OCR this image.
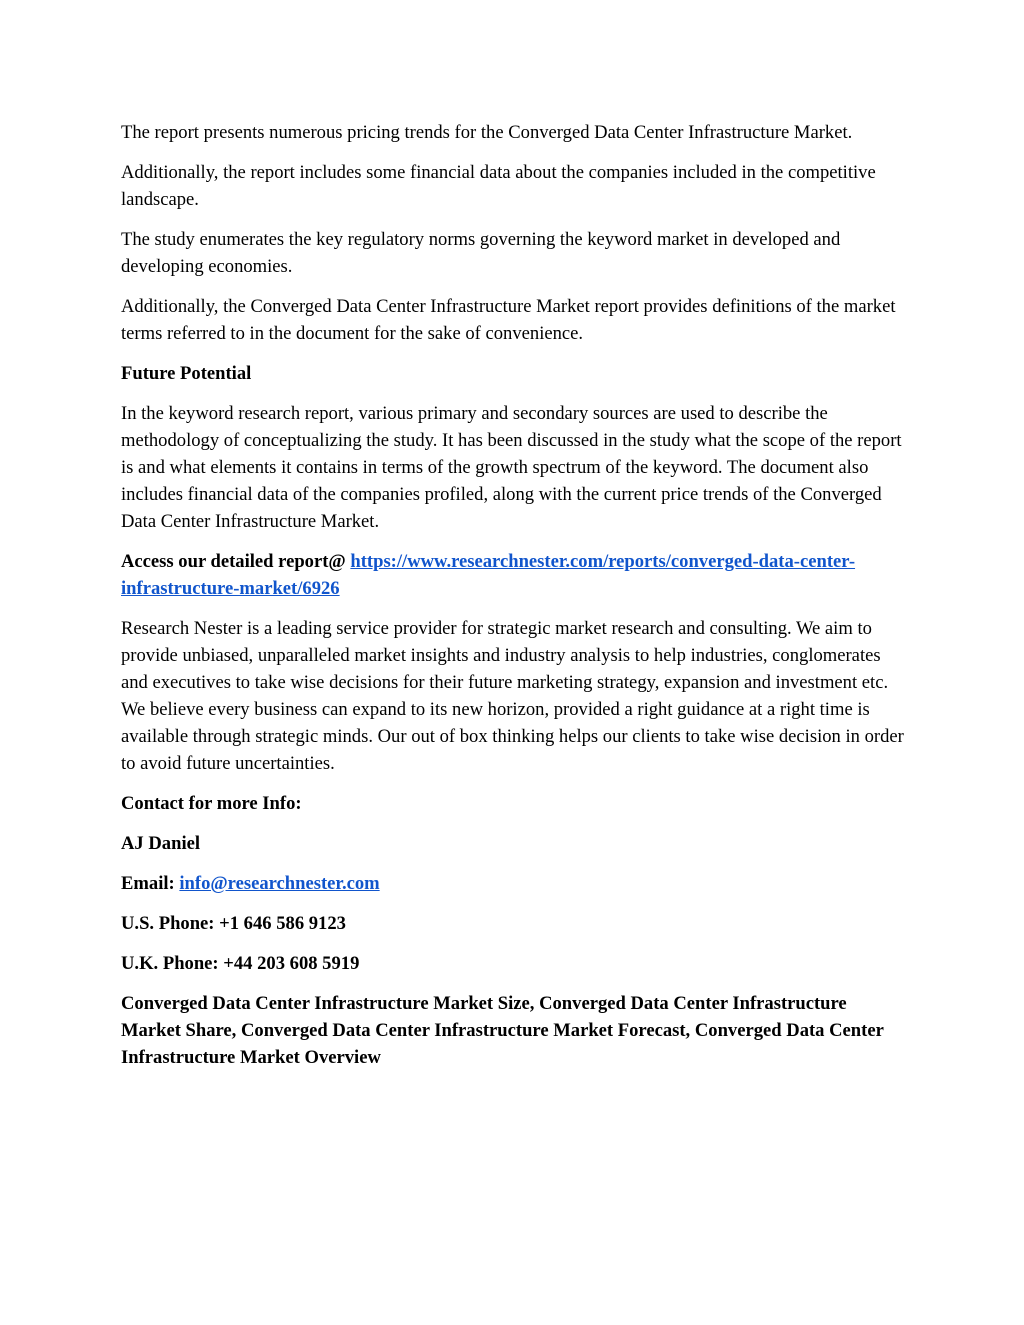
The report presents numerous pricing trends for the Converged Data Center Infrastructure Market.

Additionally, the report includes some financial data about the companies included in the competitive landscape.

The study enumerates the key regulatory norms governing the keyword market in developed and developing economies.

Additionally, the Converged Data Center Infrastructure Market report provides definitions of the market terms referred to in the document for the sake of convenience.

Future Potential

In the keyword research report, various primary and secondary sources are used to describe the methodology of conceptualizing the study. It has been discussed in the study what the scope of the report is and what elements it contains in terms of the growth spectrum of the keyword. The document also includes financial data of the companies profiled, along with the current price trends of the Converged Data Center Infrastructure Market.

Access our detailed report@ https://www.researchnester.com/reports/converged-data-center-infrastructure-market/6926

Research Nester is a leading service provider for strategic market research and consulting. We aim to provide unbiased, unparalleled market insights and industry analysis to help industries, conglomerates and executives to take wise decisions for their future marketing strategy, expansion and investment etc. We believe every business can expand to its new horizon, provided a right guidance at a right time is available through strategic minds. Our out of box thinking helps our clients to take wise decision in order to avoid future uncertainties.

Contact for more Info:

AJ Daniel

Email: info@researchnester.com

U.S. Phone: +1 646 586 9123

U.K. Phone: +44 203 608 5919

Converged Data Center Infrastructure Market Size, Converged Data Center Infrastructure Market Share, Converged Data Center Infrastructure Market Forecast, Converged Data Center Infrastructure Market Overview
